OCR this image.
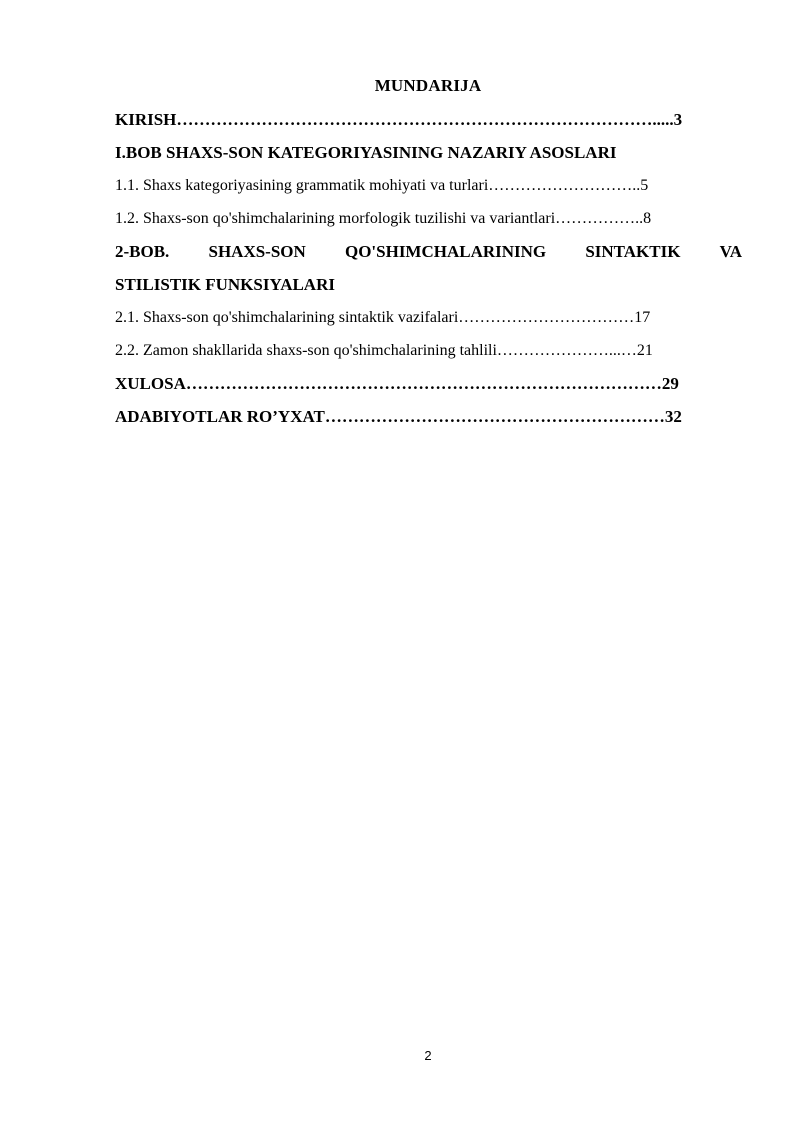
MUNDARIJA
KIRISH …………………………………………………………………………..... 3
I.BOB SHAXS-SON KATEGORIYASINING NAZARIY ASOSLARI
1.1. Shaxs kategoriyasining grammatik mohiyati va turlari ……………………….. 5
1.2. Shaxs-son qo'shimchalarining morfologik tuzilishi va variantlari …………….. 8
2-BOB. SHAXS-SON QO'SHIMCHALARINING SINTAKTIK VA
STILISTIK FUNKSIYALARI
2.1. Shaxs-son qo'shimchalarining sintaktik vazifalari …………………………… 17
2.2. Zamon shakllarida shaxs-son qo'shimchalarining tahlili …………………...… 21
XULOSA ………………………………………………………………………… 29
ADABIYOTLAR RO’YXAT …………………………………………………… 32
2
